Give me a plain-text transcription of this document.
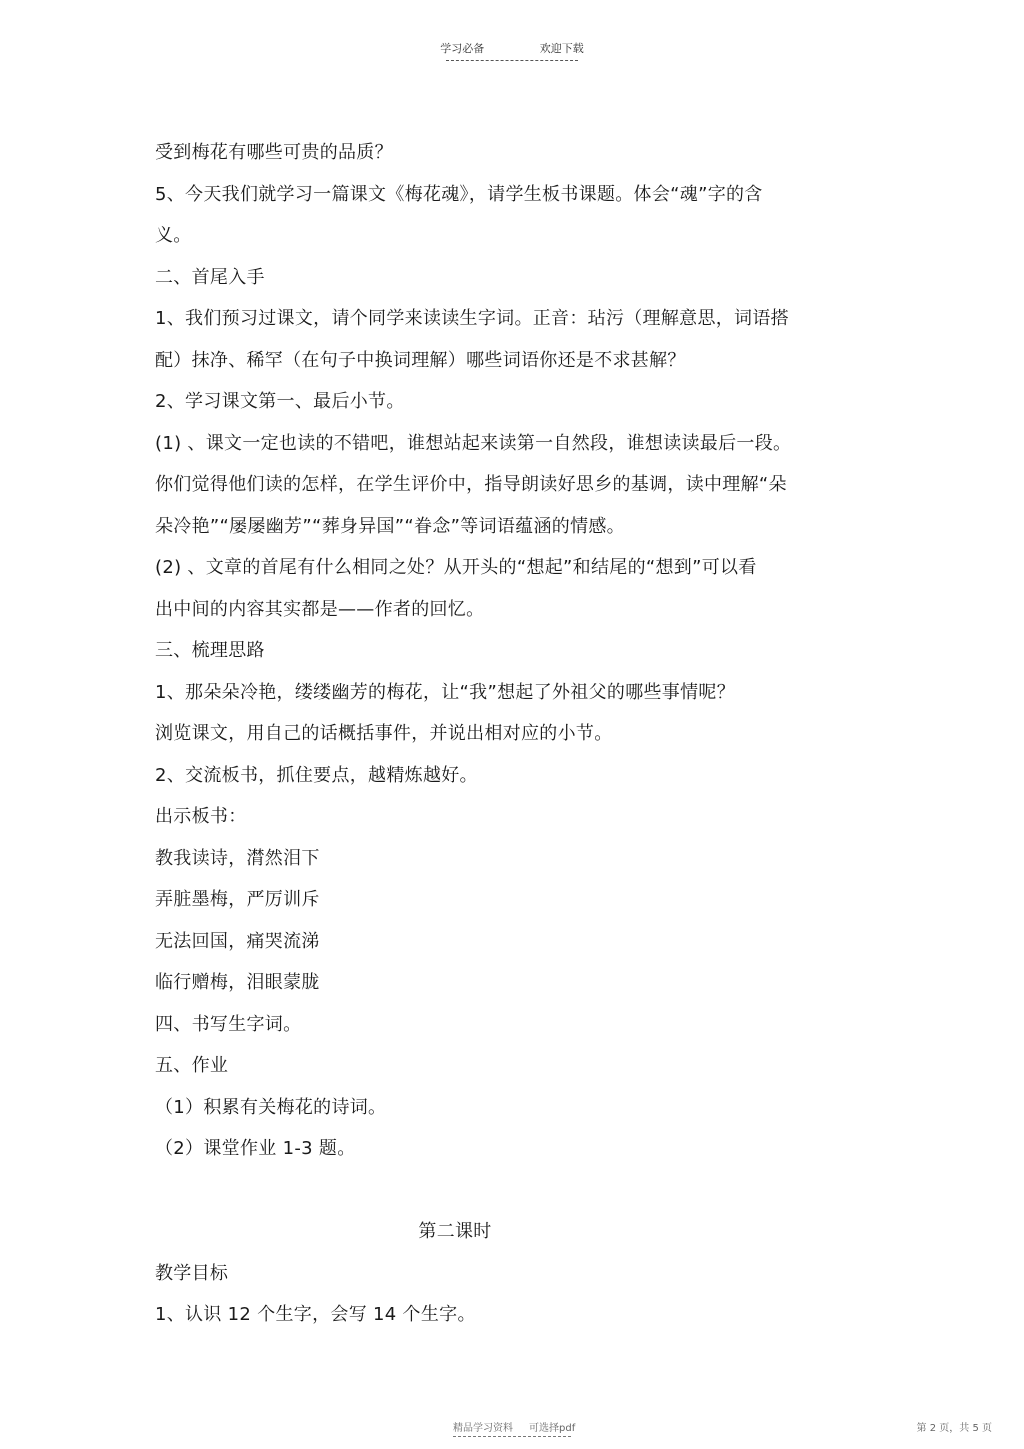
学习必备	欢迎下载
受到梅花有哪些可贵的品质？
5、今天我们就学习一篇课文《梅花魂》，请学生板书课题。体会“魂”字的含
义。
二、首尾入手
1、我们预习过课文，请个同学来读读生字词。正音：玷污（理解意思，词语搭
配）抹净、稀罕（在句子中换词理解）哪些词语你还是不求甚解？
2、学习课文第一、最后小节。
(1) 、课文一定也读的不错吧，谁想站起来读第一自然段，谁想读读最后一段。
你们觉得他们读的怎样，在学生评价中，指导朗读好思乡的基调，读中理解“朵
朵冷艳”“屡屡幽芳”“葬身异国”“眷念”等词语蕴涵的情感。
(2) 、文章的首尾有什么相同之处？从开头的“想起”和结尾的“想到”可以看
出中间的内容其实都是——作者的回忆。
三、梳理思路
1、那朵朵冷艳，缕缕幽芳的梅花，让“我”想起了外祖父的哪些事情呢？
浏览课文，用自己的话概括事件，并说出相对应的小节。
2、交流板书，抓住要点，越精炼越好。
出示板书：
教我读诗，潸然泪下
弄脏墨梅，严厉训斥
无法回国，痛哭流涕
临行赠梅，泪眼蒙胧
四、书写生字词。
五、作业
（1）积累有关梅花的诗词。
（2）课堂作业 1-3 题。
第二课时
教学目标
1、认识 12 个生字，会写 14 个生字。
精品学习资料 可选择pdf	第 2 页，共 5 页
